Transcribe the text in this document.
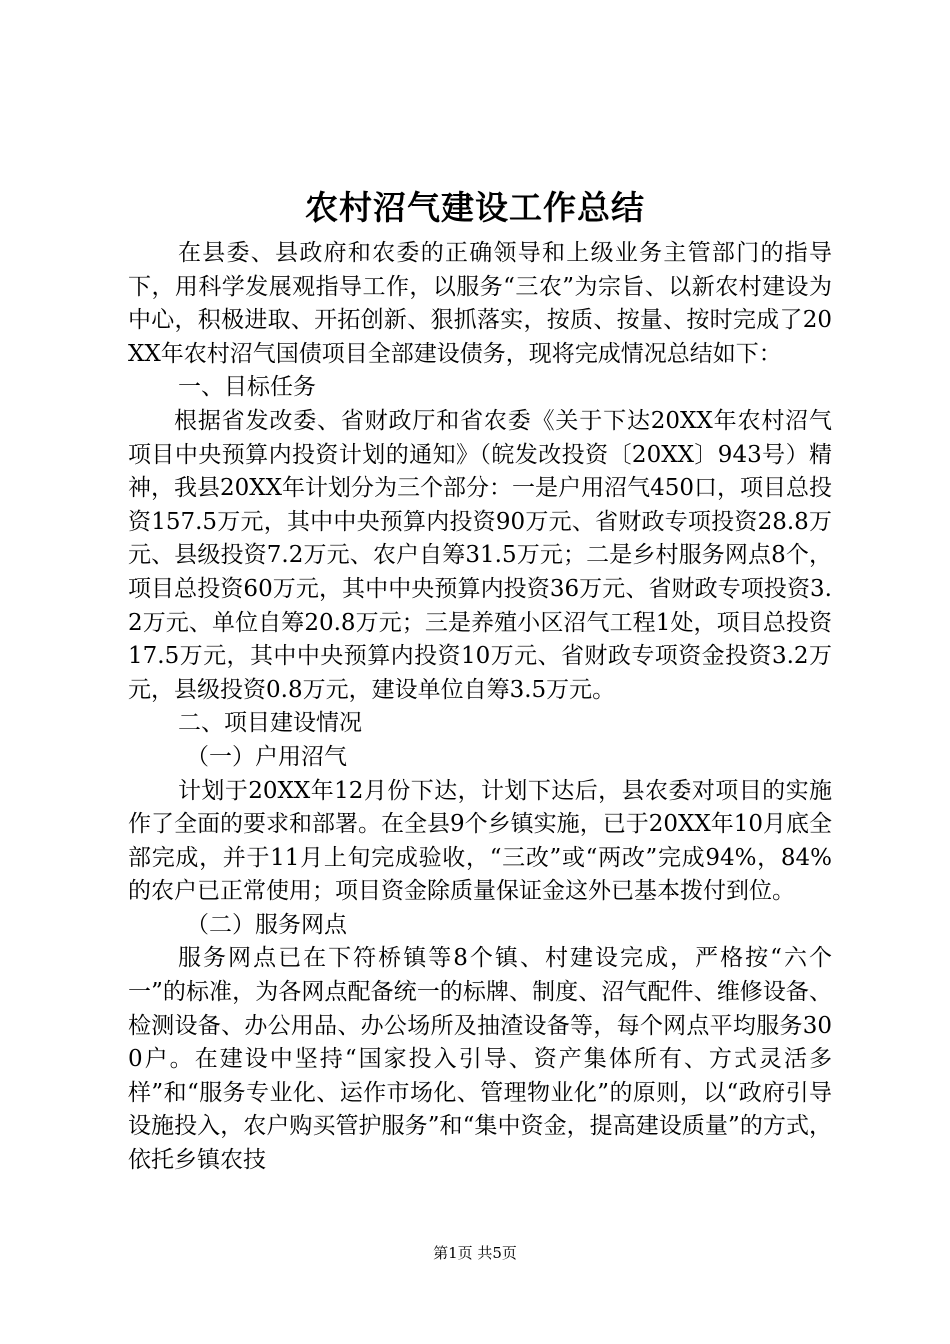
农村沼气建设工作总结

在县委、县政府和农委的正确领导和上级业务主管部门的指导下，用科学发展观指导工作，以服务“三农”为宗旨、以新农村建设为中心，积极进取、开拓创新、狠抓落实，按质、按量、按时完成了20XX年农村沼气国债项目全部建设债务，现将完成情况总结如下：

一、目标任务

根据省发改委、省财政厅和省农委《关于下达20XX年农村沼气项目中央预算内投资计划的通知》（皖发改投资〔20XX〕943号）精神，我县20XX年计划分为三个部分：一是户用沼气450口，项目总投资157.5万元，其中中央预算内投资90万元、省财政专项投资28.8万元、县级投资7.2万元、农户自筹31.5万元；二是乡村服务网点8个，项目总投资60万元，其中中央预算内投资36万元、省财政专项投资3.2万元、单位自筹20.8万元；三是养殖小区沼气工程1处，项目总投资17.5万元，其中中央预算内投资10万元、省财政专项资金投资3.2万元，县级投资0.8万元，建设单位自筹3.5万元。

二、项目建设情况

（一）户用沼气

计划于20XX年12月份下达，计划下达后，县农委对项目的实施作了全面的要求和部署。在全县9个乡镇实施，已于20XX年10月底全部完成，并于11月上旬完成验收，“三改”或“两改”完成94%，84%的农户已正常使用；项目资金除质量保证金这外已基本拨付到位。

（二）服务网点

服务网点已在下符桥镇等8个镇、村建设完成，严格按“六个一”的标准，为各网点配备统一的标牌、制度、沼气配件、维修设备、检测设备、办公用品、办公场所及抽渣设备等，每个网点平均服务300户。在建设中坚持“国家投入引导、资产集体所有、方式灵活多样”和“服务专业化、运作市场化、管理物业化”的原则，以“政府引导设施投入，农户购买管护服务”和“集中资金，提高建设质量”的方式，依托乡镇农技

第1页 共5页
